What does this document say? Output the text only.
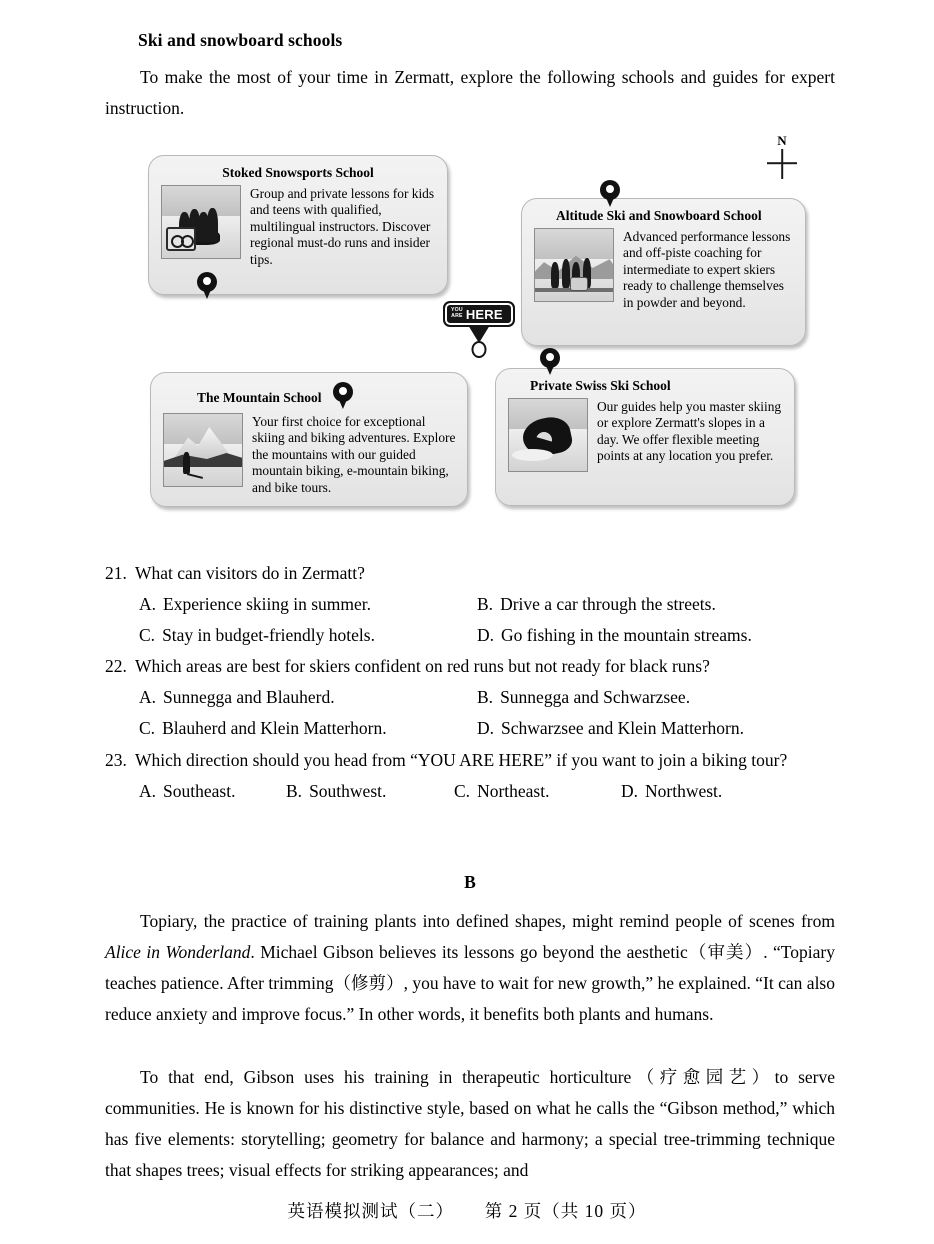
Ski and snowboard schools
To make the most of your time in Zermatt, explore the following schools and guides for expert instruction.
N
Stoked Snowsports School
Group and private lessons for kids and teens with qualified, multilingual instructors. Discover regional must-do runs and insider tips.
Altitude Ski and Snowboard School
Advanced performance lessons and off-piste coaching for intermediate to expert skiers ready to challenge themselves in powder and beyond.
YOU
ARE HERE
The Mountain School
Your first choice for exceptional skiing and biking adventures. Explore the mountains with our guided mountain biking, e-mountain biking, and bike tours.
Private Swiss Ski School
Our guides help you master skiing or explore Zermatt's slopes in a day. We offer flexible meeting points at any location you prefer.
21. What can visitors do in Zermatt?
A. Experience skiing in summer.	B. Drive a car through the streets.
C. Stay in budget-friendly hotels.	D. Go fishing in the mountain streams.
22. Which areas are best for skiers confident on red runs but not ready for black runs?
A. Sunnegga and Blauherd.	B. Sunnegga and Schwarzsee.
C. Blauherd and Klein Matterhorn.	D. Schwarzsee and Klein Matterhorn.
23. Which direction should you head from “YOU ARE HERE” if you want to join a biking tour?
A. Southeast.	B. Southwest.	C. Northeast.	D. Northwest.
B
Topiary, the practice of training plants into defined shapes, might remind people of scenes from Alice in Wonderland. Michael Gibson believes its lessons go beyond the aesthetic（审美）. “Topiary teaches patience. After trimming（修剪）, you have to wait for new growth,” he explained. “It can also reduce anxiety and improve focus.” In other words, it benefits both plants and humans.
To that end, Gibson uses his training in therapeutic horticulture（疗愈园艺）to serve communities. He is known for his distinctive style, based on what he calls the “Gibson method,” which has five elements: storytelling; geometry for balance and harmony; a special tree-trimming technique that shapes trees; visual effects for striking appearances; and
英语模拟测试（二） 第 2 页（共 10 页）
